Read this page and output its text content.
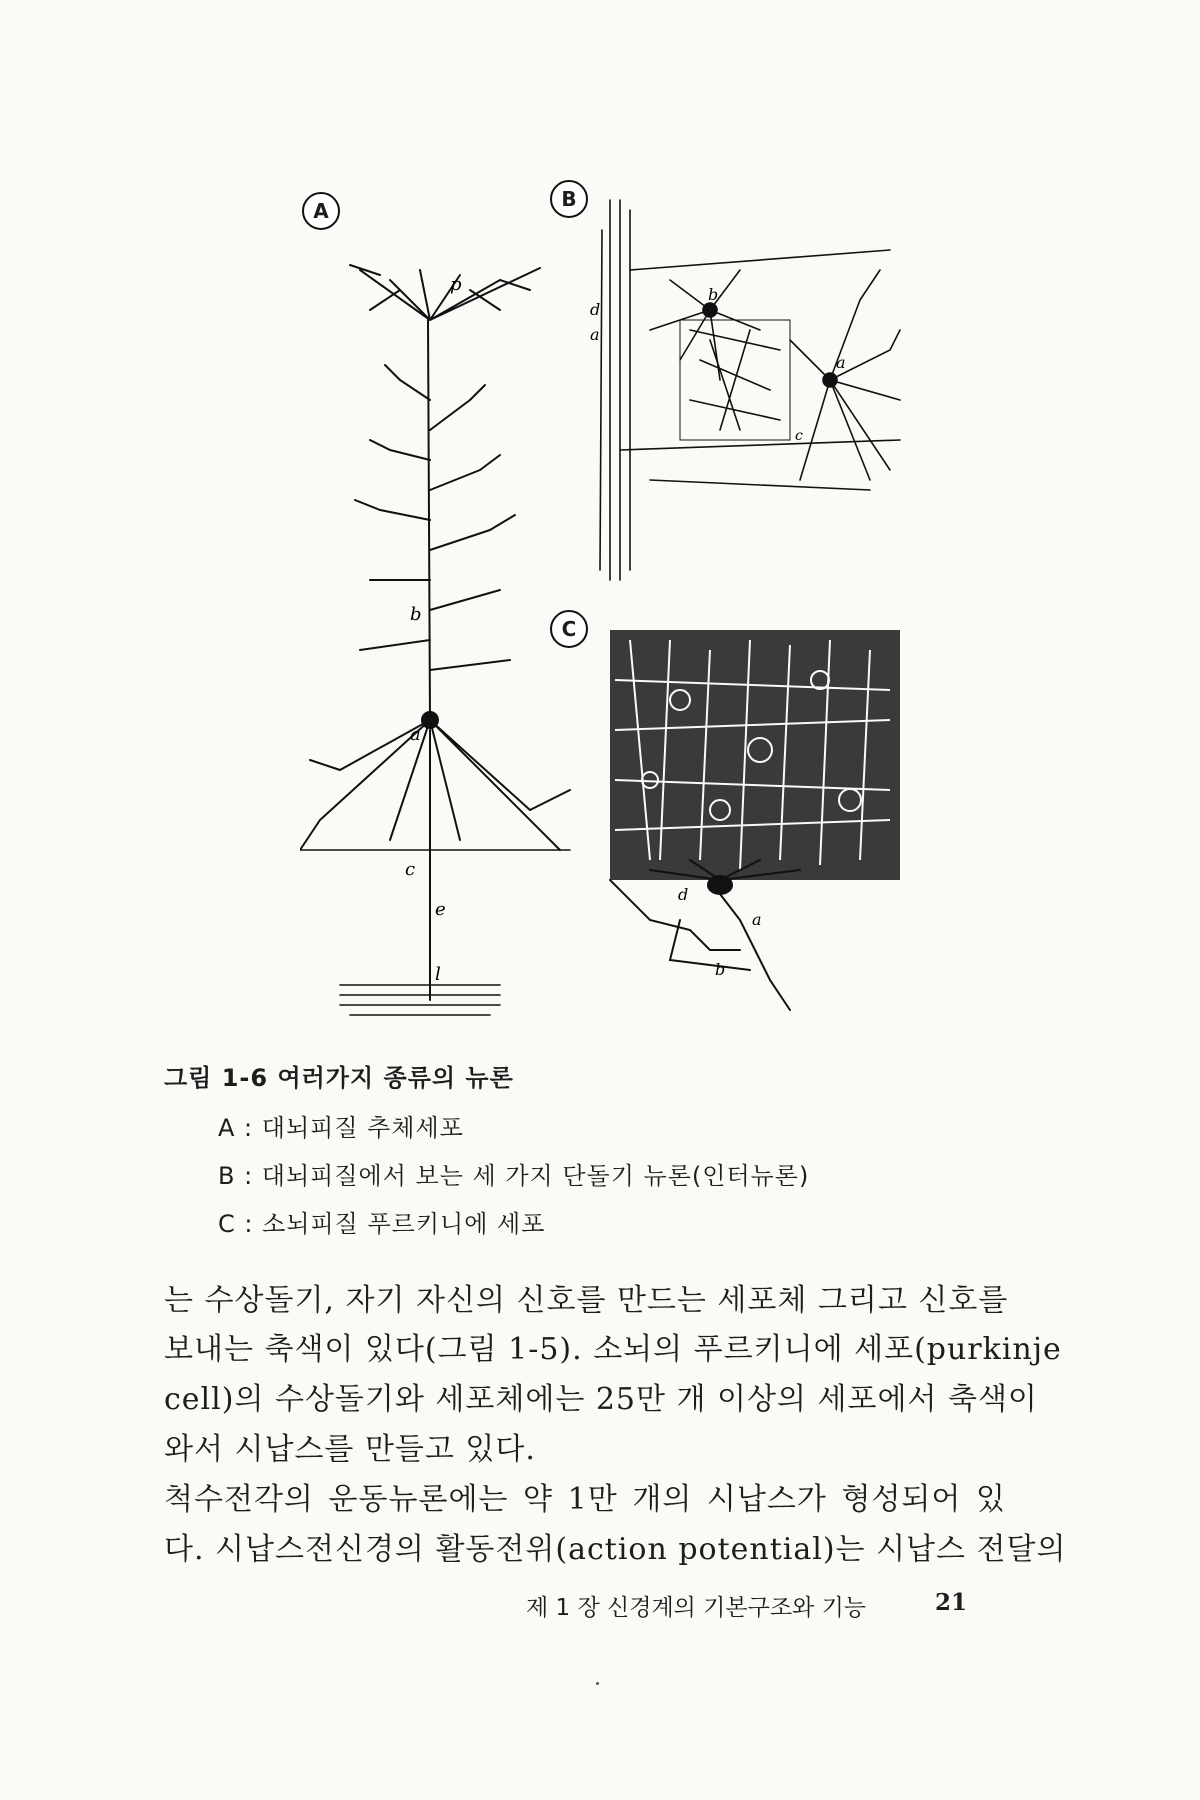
A
p
b
a
c
e
l
B
a
d
b
a
c
C
d
a
b
그림 1-6 여러가지 종류의 뉴론
A : 대뇌피질 추체세포
B : 대뇌피질에서 보는 세 가지 단돌기 뉴론(인터뉴론)
C : 소뇌피질 푸르키니에 세포
는 수상돌기, 자기 자신의 신호를 만드는 세포체 그리고 신호를
보내는 축색이 있다(그림 1-5). 소뇌의 푸르키니에 세포(purkinje
cell)의 수상돌기와 세포체에는 25만 개 이상의 세포에서 축색이
와서 시납스를 만들고 있다.
척수전각의 운동뉴론에는 약 1만 개의 시납스가 형성되어 있
다. 시납스전신경의 활동전위(action potential)는 시납스 전달의
제 1 장 신경계의 기본구조와 기능	21
